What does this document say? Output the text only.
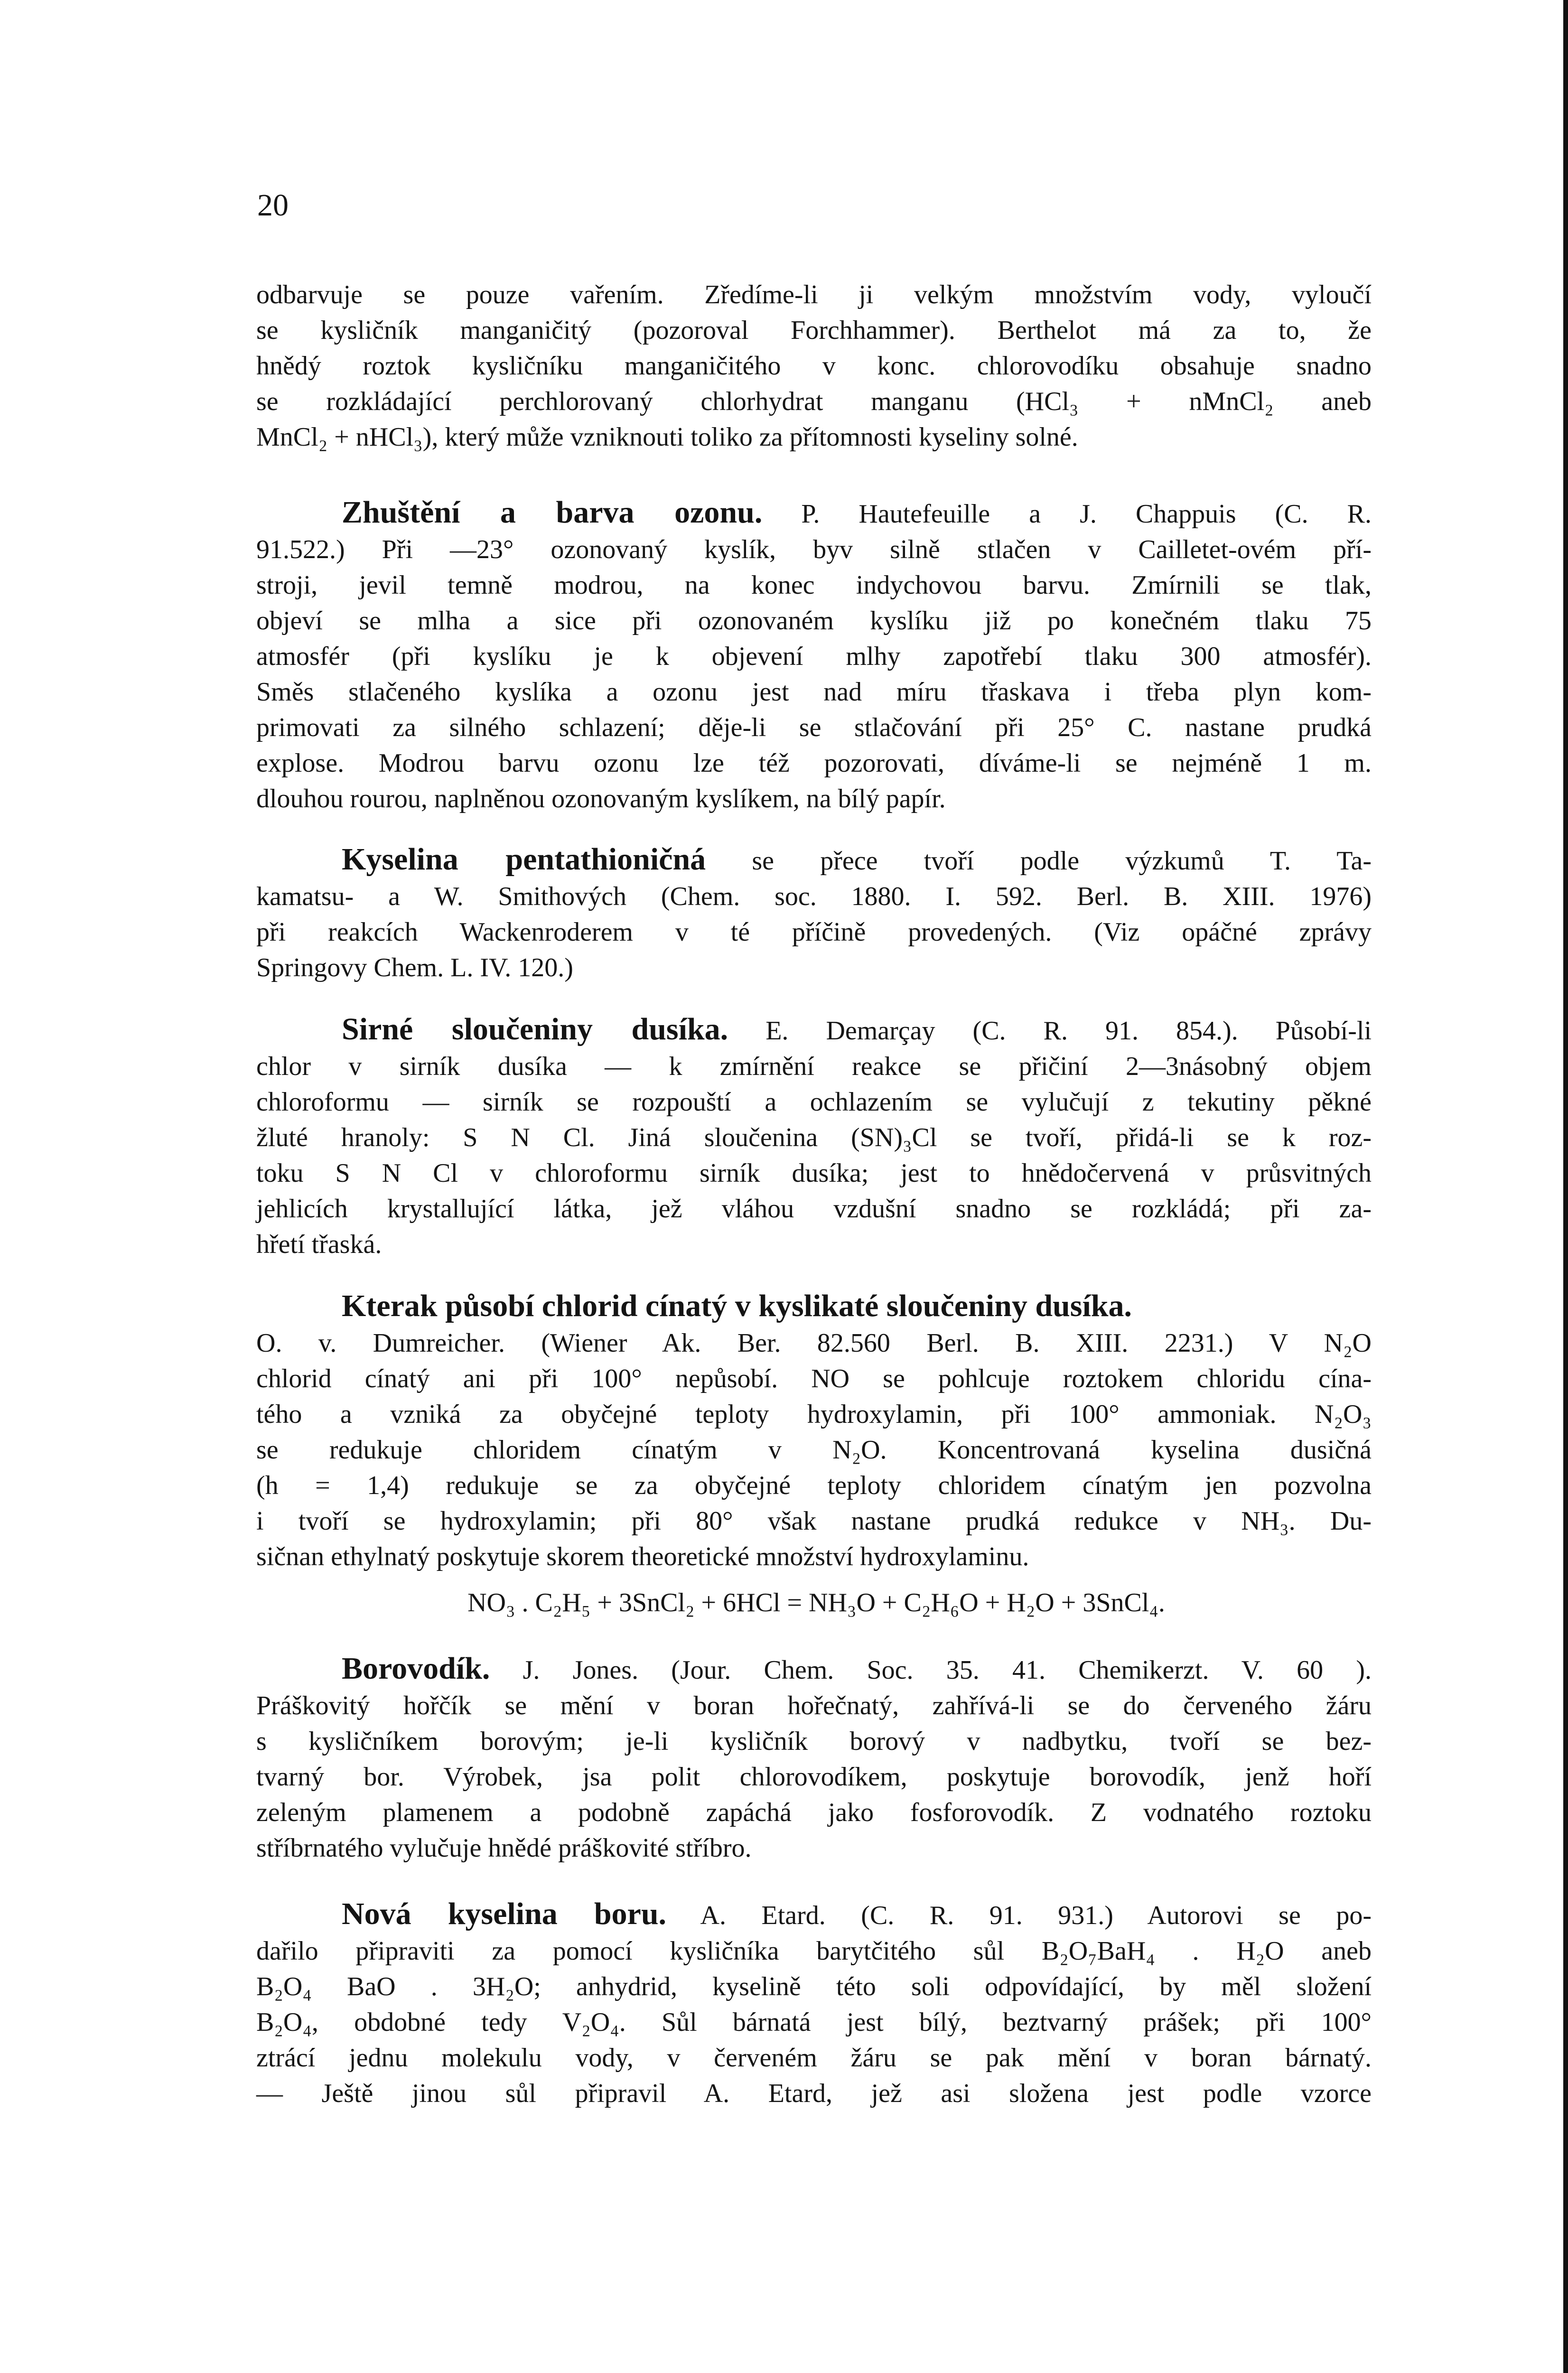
20

odbarvuje se pouze vařením. Zředíme-li ji velkým množstvím vody, vyloučí

se kysličník manganičitý (pozoroval Forchhammer). Berthelot má za to, že

hnědý roztok kysličníku manganičitého v konc. chlorovodíku obsahuje snadno

se rozkládající perchlorovaný chlorhydrat manganu (HCl₃ + nMnCl₂ aneb

MnCl₂ + nHCl₃), který může vzniknouti toliko za přítomnosti kyseliny solné.

Zhuštění a barva ozonu. P. Hautefeuille a J. Chappuis (C. R.

91.522.) Při —23° ozonovaný kyslík, byv silně stlačen v Cailletet-ovém pří-

stroji, jevil temně modrou, na konec indychovou barvu. Zmírnili se tlak,

objeví se mlha a sice při ozonovaném kyslíku již po konečném tlaku 75

atmosfér (při kyslíku je k objevení mlhy zapotřebí tlaku 300 atmosfér).

Směs stlačeného kyslíka a ozonu jest nad míru třaskava i třeba plyn kom-

primovati za silného schlazení; děje-li se stlačování při 25° C. nastane prudká

explose. Modrou barvu ozonu lze též pozorovati, díváme-li se nejméně 1 m.

dlouhou rourou, naplněnou ozonovaným kyslíkem, na bílý papír.

Kyselina pentathioničná se přece tvoří podle výzkumů T. Ta-

kamatsu- a W. Smithových (Chem. soc. 1880. I. 592. Berl. B. XIII. 1976)

při reakcích Wackenroderem v té příčině provedených. (Viz opáčné zprávy

Springovy Chem. L. IV. 120.)

Sirné sloučeniny dusíka. E. Demarçay (C. R. 91. 854.). Působí-li

chlor v sirník dusíka — k zmírnění reakce se přičiní 2—3násobný objem

chloroformu — sirník se rozpouští a ochlazením se vylučují z tekutiny pěkné

žluté hranoly: S N Cl. Jiná sloučenina (SN)₃Cl se tvoří, přidá-li se k roz-

toku S N Cl v chloroformu sirník dusíka; jest to hnědočervená v průsvitných

jehlicích krystallující látka, jež vláhou vzdušní snadno se rozkládá; při za-

hřetí třaská.

Kterak působí chlorid cínatý v kyslikaté sloučeniny dusíka.

O. v. Dumreicher. (Wiener Ak. Ber. 82.560 Berl. B. XIII. 2231.) V N₂O

chlorid cínatý ani při 100° nepůsobí. NO se pohlcuje roztokem chloridu cína-

tého a vzniká za obyčejné teploty hydroxylamin, při 100° ammoniak. N₂O₃

se redukuje chloridem cínatým v N₂O. Koncentrovaná kyselina dusičná

(h = 1,4) redukuje se za obyčejné teploty chloridem cínatým jen pozvolna

i tvoří se hydroxylamin; při 80° však nastane prudká redukce v NH₃. Du-

sičnan ethylnatý poskytuje skorem theoretické množství hydroxylaminu.

NO₃ . C₂H₅ + 3SnCl₂ + 6HCl = NH₃O + C₂H₆O + H₂O + 3SnCl₄.

Borovodík. J. Jones. (Jour. Chem. Soc. 35. 41. Chemikerzt. V. 60 ).

Práškovitý hořčík se mění v boran hořečnatý, zahřívá-li se do červeného žáru

s kysličníkem borovým; je-li kysličník borový v nadbytku, tvoří se bez-

tvarný bor. Výrobek, jsa polit chlorovodíkem, poskytuje borovodík, jenž hoří

zeleným plamenem a podobně zapáchá jako fosforovodík. Z vodnatého roztoku

stříbrnatého vylučuje hnědé práškovité stříbro.

Nová kyselina boru. A. Etard. (C. R. 91. 931.) Autorovi se po-

dařilo připraviti za pomocí kysličníka barytčitého sůl B₂O₇BaH₄ . H₂O aneb

B₂O₄ BaO . 3H₂O; anhydrid, kyselině této soli odpovídající, by měl složení

B₂O₄, obdobné tedy V₂O₄. Sůl bárnatá jest bílý, beztvarný prášek; při 100°

ztrácí jednu molekulu vody, v červeném žáru se pak mění v boran bárnatý.

— Ještě jinou sůl připravil A. Etard, jež asi složena jest podle vzorce
